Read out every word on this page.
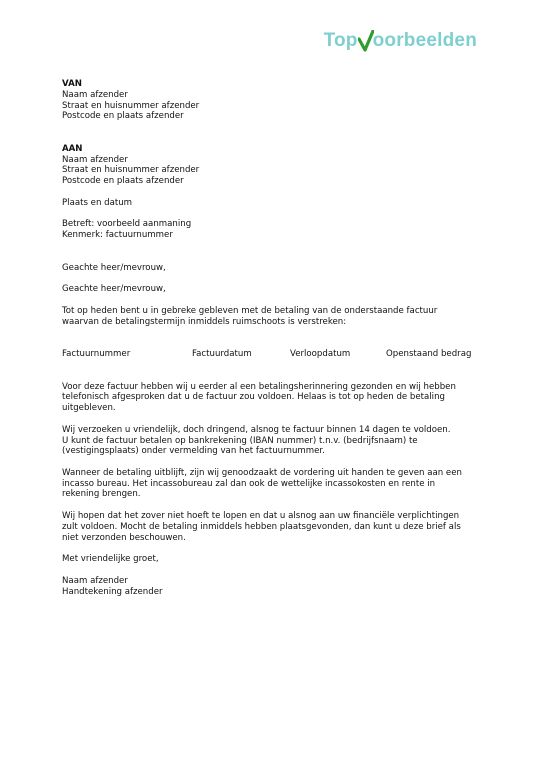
Top oorbeelden
VAN
Naam afzender
Straat en huisnummer afzender
Postcode en plaats afzender
AAN
Naam afzender
Straat en huisnummer afzender
Postcode en plaats afzender
Plaats en datum
Betreft: voorbeeld aanmaning
Kenmerk: factuurnummer
Geachte heer/mevrouw,
Geachte heer/mevrouw,
Tot op heden bent u in gebreke gebleven met de betaling van de onderstaande factuur
waarvan de betalingstermijn inmiddels ruimschoots is verstreken:
Factuurnummer	Factuurdatum	Verloopdatum	Openstaand bedrag
Voor deze factuur hebben wij u eerder al een betalingsherinnering gezonden en wij hebben
telefonisch afgesproken dat u de factuur zou voldoen. Helaas is tot op heden de betaling
uitgebleven.
Wij verzoeken u vriendelijk, doch dringend, alsnog te factuur binnen 14 dagen te voldoen.
U kunt de factuur betalen op bankrekening (IBAN nummer) t.n.v. (bedrijfsnaam) te
(vestigingsplaats) onder vermelding van het factuurnummer.
Wanneer de betaling uitblijft, zijn wij genoodzaakt de vordering uit handen te geven aan een
incasso bureau. Het incassobureau zal dan ook de wettelijke incassokosten en rente in
rekening brengen.
Wij hopen dat het zover niet hoeft te lopen en dat u alsnog aan uw financiële verplichtingen
zult voldoen. Mocht de betaling inmiddels hebben plaatsgevonden, dan kunt u deze brief als
niet verzonden beschouwen.
Met vriendelijke groet,
Naam afzender
Handtekening afzender
